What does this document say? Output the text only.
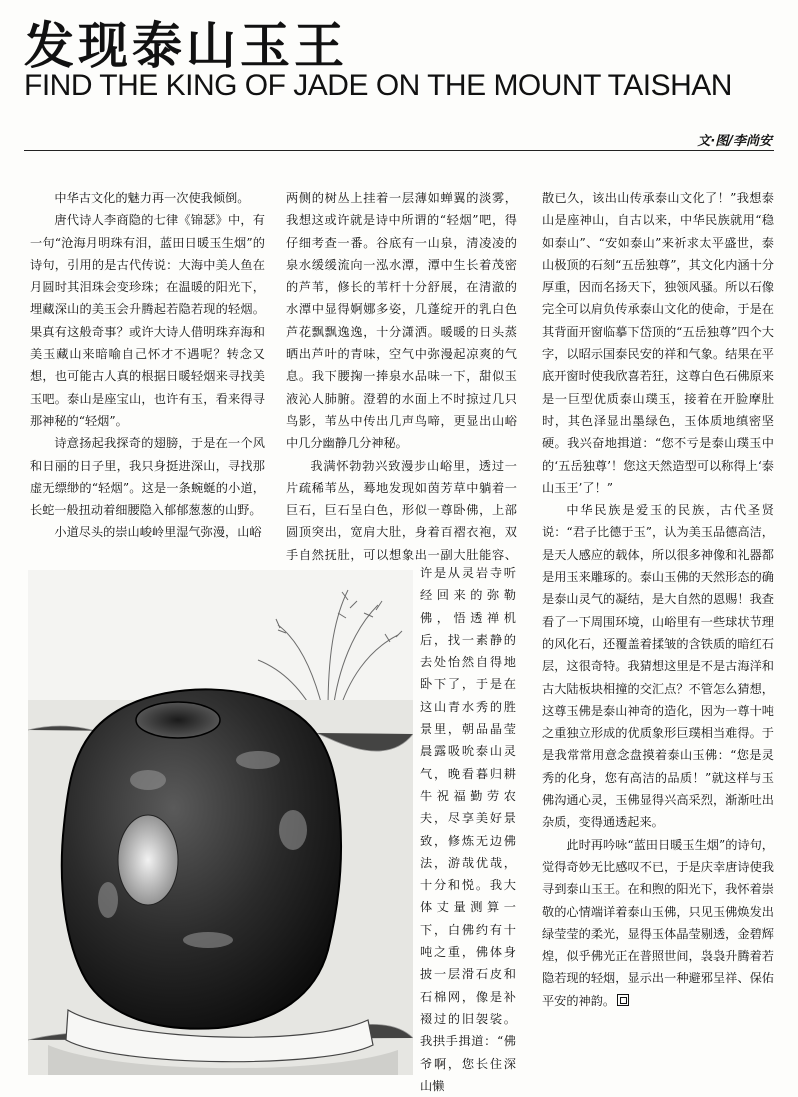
发现泰山玉王
FIND THE KING OF JADE ON THE MOUNT TAISHAN
文·图/李尚安

中华古文化的魅力再一次使我倾倒。

唐代诗人李商隐的七律《锦瑟》中，有一句“沧海月明珠有泪，蓝田日暖玉生烟”的诗句，引用的是古代传说：大海中美人鱼在月圆时其泪珠会变珍珠；在温暖的阳光下，埋藏深山的美玉会升腾起若隐若现的轻烟。果真有这般奇事？或许大诗人借明珠弃海和美玉藏山来暗喻自己怀才不遇呢？转念又想，也可能古人真的根据日暖轻烟来寻找美玉吧。泰山是座宝山，也许有玉，看来得寻那神秘的“轻烟”。

诗意扬起我探奇的翅膀，于是在一个风和日丽的日子里，我只身挺进深山，寻找那虚无缥缈的“轻烟”。这是一条蜿蜒的小道，长蛇一般扭动着细腰隐入郁郁葱葱的山野。

小道尽头的崇山峻岭里湿气弥漫，山峪

两侧的树丛上挂着一层薄如蝉翼的淡雾，我想这或许就是诗中所谓的“轻烟”吧，得仔细考查一番。谷底有一山泉，清凌凌的泉水缓缓流向一泓水潭，潭中生长着茂密的芦苇，修长的苇杆十分舒展，在清澈的水潭中显得婀娜多姿，几蓬绽开的乳白色芦花飘飘逸逸，十分潇洒。暖暖的日头蒸晒出芦叶的青味，空气中弥漫起凉爽的气息。我下腰掬一捧泉水品味一下，甜似玉液沁人肺腑。澄碧的水面上不时掠过几只鸟影，苇丛中传出几声鸟啼，更显出山峪中几分幽静几分神秘。

我满怀勃勃兴致漫步山峪里，透过一片疏稀苇丛，蓦地发现如茵芳草中躺着一巨石，巨石呈白色，形似一尊卧佛，上部圆顶突出，宽肩大肚，身着百褶衣袍，双手自然抚肚，可以想象出一副大肚能容、

许是从灵岩寺听经回来的弥勒佛，悟透禅机后，找一素静的去处怡然自得地卧下了，于是在这山青水秀的胜景里，朝品晶莹晨露吸吮泰山灵气，晚看暮归耕牛祝福勤劳农夫，尽享美好景致，修炼无边佛法，游哉优哉，十分和悦。我大体丈量测算一下，白佛约有十吨之重，佛体身披一层滑石皮和石棉网，像是补裰过的旧袈裟。我拱手揖道：“佛爷啊，您长住深山懒

散已久，该出山传承泰山文化了！”我想泰山是座神山，自古以来，中华民族就用“稳如泰山”、“安如泰山”来祈求太平盛世，泰山极顶的石刻“五岳独尊”，其文化内涵十分厚重，因而名扬天下，独领风骚。所以石像完全可以肩负传承泰山文化的使命，于是在其背面开窗临摹下岱顶的“五岳独尊”四个大字，以昭示国泰民安的祥和气象。结果在平底开窗时使我欣喜若狂，这尊白色石佛原来是一巨型优质泰山璞玉，接着在开脸摩肚时，其色泽显出墨绿色，玉体质地缜密坚硬。我兴奋地揖道：“您不亏是泰山璞玉中的‘五岳独尊’！您这天然造型可以称得上‘泰山玉王’了！”

中华民族是爱玉的民族，古代圣贤说：“君子比德于玉”，认为美玉品德高洁，是天人感应的载体，所以很多神像和礼器都是用玉来雕琢的。泰山玉佛的天然形态的确是泰山灵气的凝结，是大自然的恩赐！我查看了一下周围环境，山峪里有一些球状节理的风化石，还覆盖着揉皱的含铁质的暗红石层，这很奇特。我猜想这里是不是古海洋和古大陆板块相撞的交汇点？不管怎么猜想，这尊玉佛是泰山神奇的造化，因为一尊十吨之重独立形成的优质象形巨璞相当难得。于是我常常用意念盘摸着泰山玉佛：“您是灵秀的化身，您有高洁的品质！”就这样与玉佛沟通心灵，玉佛显得兴高采烈，渐渐吐出杂质，变得通透起来。

此时再吟咏“蓝田日暖玉生烟”的诗句，觉得奇妙无比感叹不已，于是庆幸唐诗使我寻到泰山玉王。在和煦的阳光下，我怀着崇敬的心情端详着泰山玉佛，只见玉佛焕发出绿莹莹的柔光，显得玉体晶莹剔透，金碧辉煌，似乎佛光正在普照世间，袅袅升腾着若隐若现的轻烟，显示出一种避邪呈祥、保佑平安的神韵。
